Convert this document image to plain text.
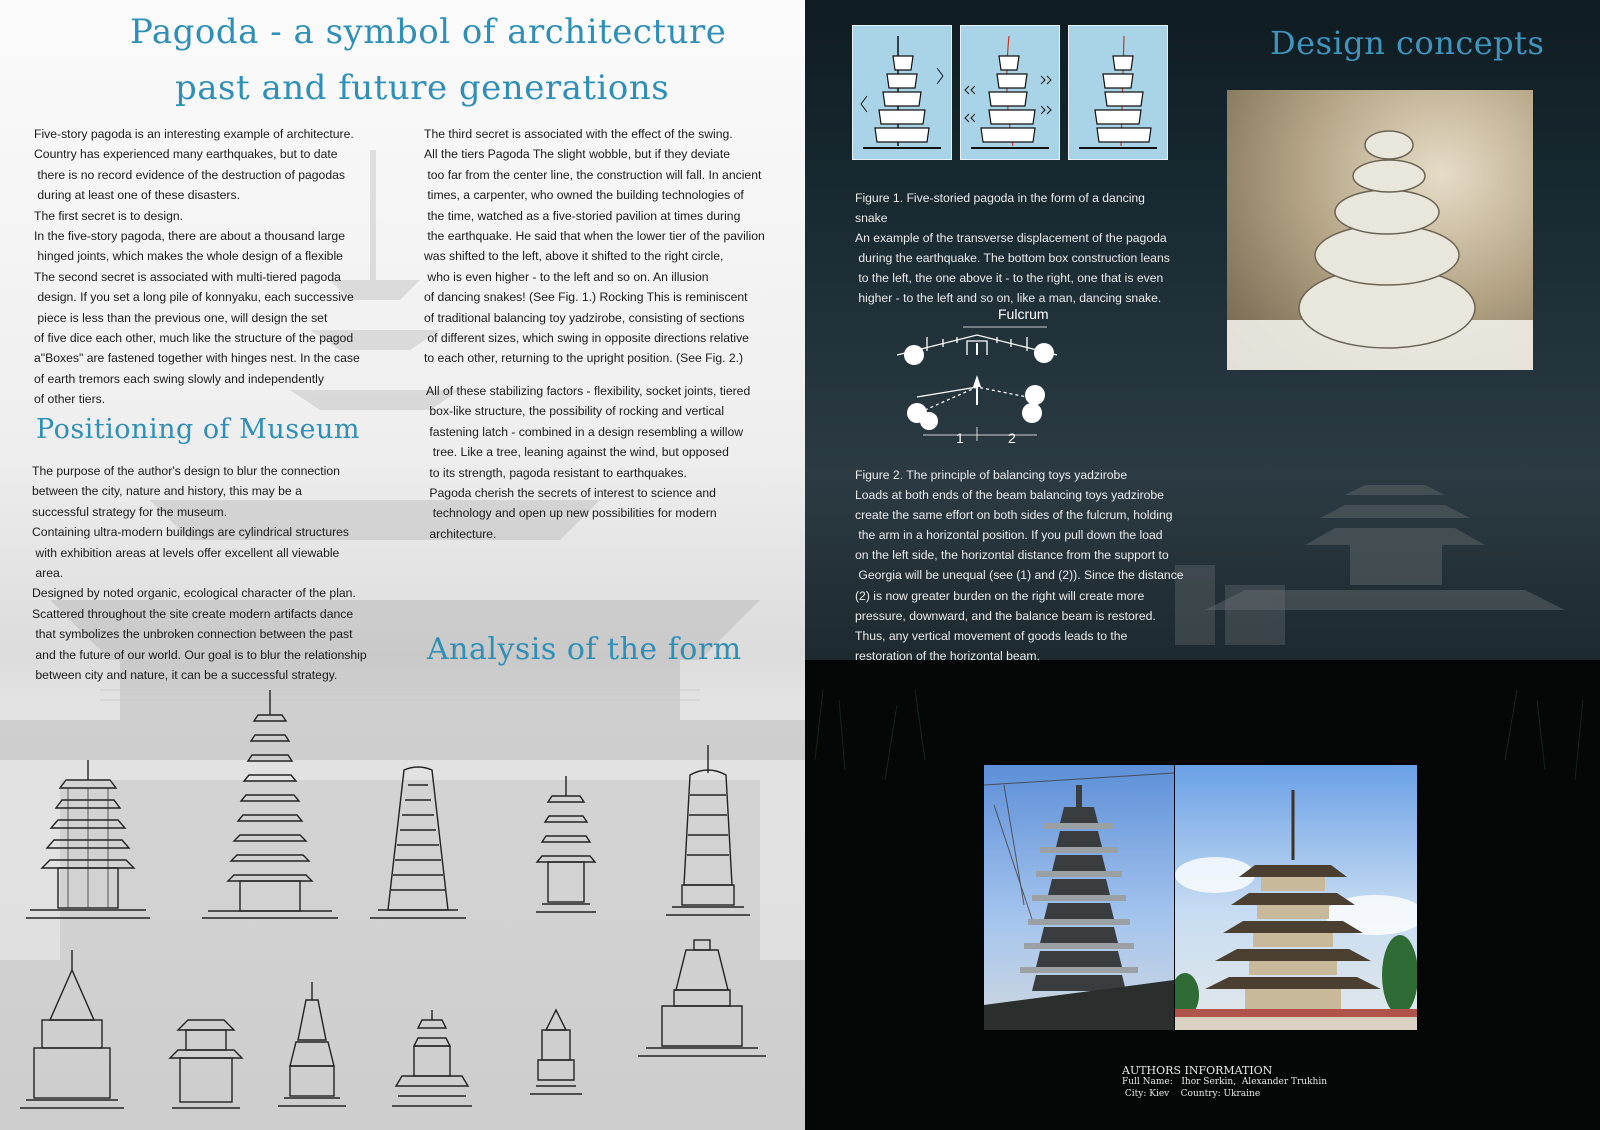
Pagoda - a symbol of architecture
past and future generations

Five-story pagoda is an interesting example of architecture.

Country has experienced many earthquakes, but to date

there is no record evidence of the destruction of pagodas

during at least one of these disasters.

The first secret is to design.

In the five-story pagoda, there are about a thousand large

hinged joints, which makes the whole design of a flexible

The second secret is associated with multi-tiered pagoda

design. If you set a long pile of konnyaku, each successive

piece is less than the previous one, will design the set

of five dice each other, much like the structure of the pagod

a"Boxes" are fastened together with hinges nest. In the case

of earth tremors each swing slowly and independently

of other tiers.

Positioning of Museum

The purpose of the author's design to blur the connection

between the city, nature and history, this may be a

successful strategy for the museum.

Containing ultra-modern buildings are cylindrical structures

with exhibition areas at levels offer excellent all viewable

area.

Designed by noted organic, ecological character of the plan.

Scattered throughout the site create modern artifacts dance

that symbolizes the unbroken connection between the past

and the future of our world. Our goal is to blur the relationship

between city and nature, it can be a successful strategy.

The third secret is associated with the effect of the swing.

All the tiers Pagoda The slight wobble, but if they deviate

too far from the center line, the construction will fall. In ancient

times, a carpenter, who owned the building technologies of

the time, watched as a five-storied pavilion at times during

the earthquake. He said that when the lower tier of the pavilion

was shifted to the left, above it shifted to the right circle,

who is even higher - to the left and so on. An illusion

of dancing snakes! (See Fig. 1.) Rocking This is reminiscent

of traditional balancing toy yadzirobe, consisting of sections

of different sizes, which swing in opposite directions relative

to each other, returning to the upright position. (See Fig. 2.)

All of these stabilizing factors - flexibility, socket joints, tiered

box-like structure, the possibility of rocking and vertical

fastening latch - combined in a design resembling a willow

tree. Like a tree, leaning against the wind, but opposed

to its strength, pagoda resistant to earthquakes.

Pagoda cherish the secrets of interest to science and

technology and open up new possibilities for modern

architecture.

Analysis of the form
Design concepts

Figure 1. Five-storied pagoda in the form of a dancing

snake

An example of the transverse displacement of the pagoda

during the earthquake. The bottom box construction leans

to the left, the one above it - to the right, one that is even

higher - to the left and so on, like a man, dancing snake.

Fulcrum
1	2

Figure 2. The principle of balancing toys yadzirobe

Loads at both ends of the beam balancing toys yadzirobe

create the same effort on both sides of the fulcrum, holding

the arm in a horizontal position. If you pull down the load

on the left side, the horizontal distance from the support to

Georgia will be unequal (see (1) and (2)). Since the distance

(2) is now greater burden on the right will create more

pressure, downward, and the balance beam is restored.

Thus, any vertical movement of goods leads to the

restoration of the horizontal beam.

AUTHORS INFORMATION
Full Name:   Ihor Serkin,  Alexander Trukhin
City: Kiev    Country: Ukraine
